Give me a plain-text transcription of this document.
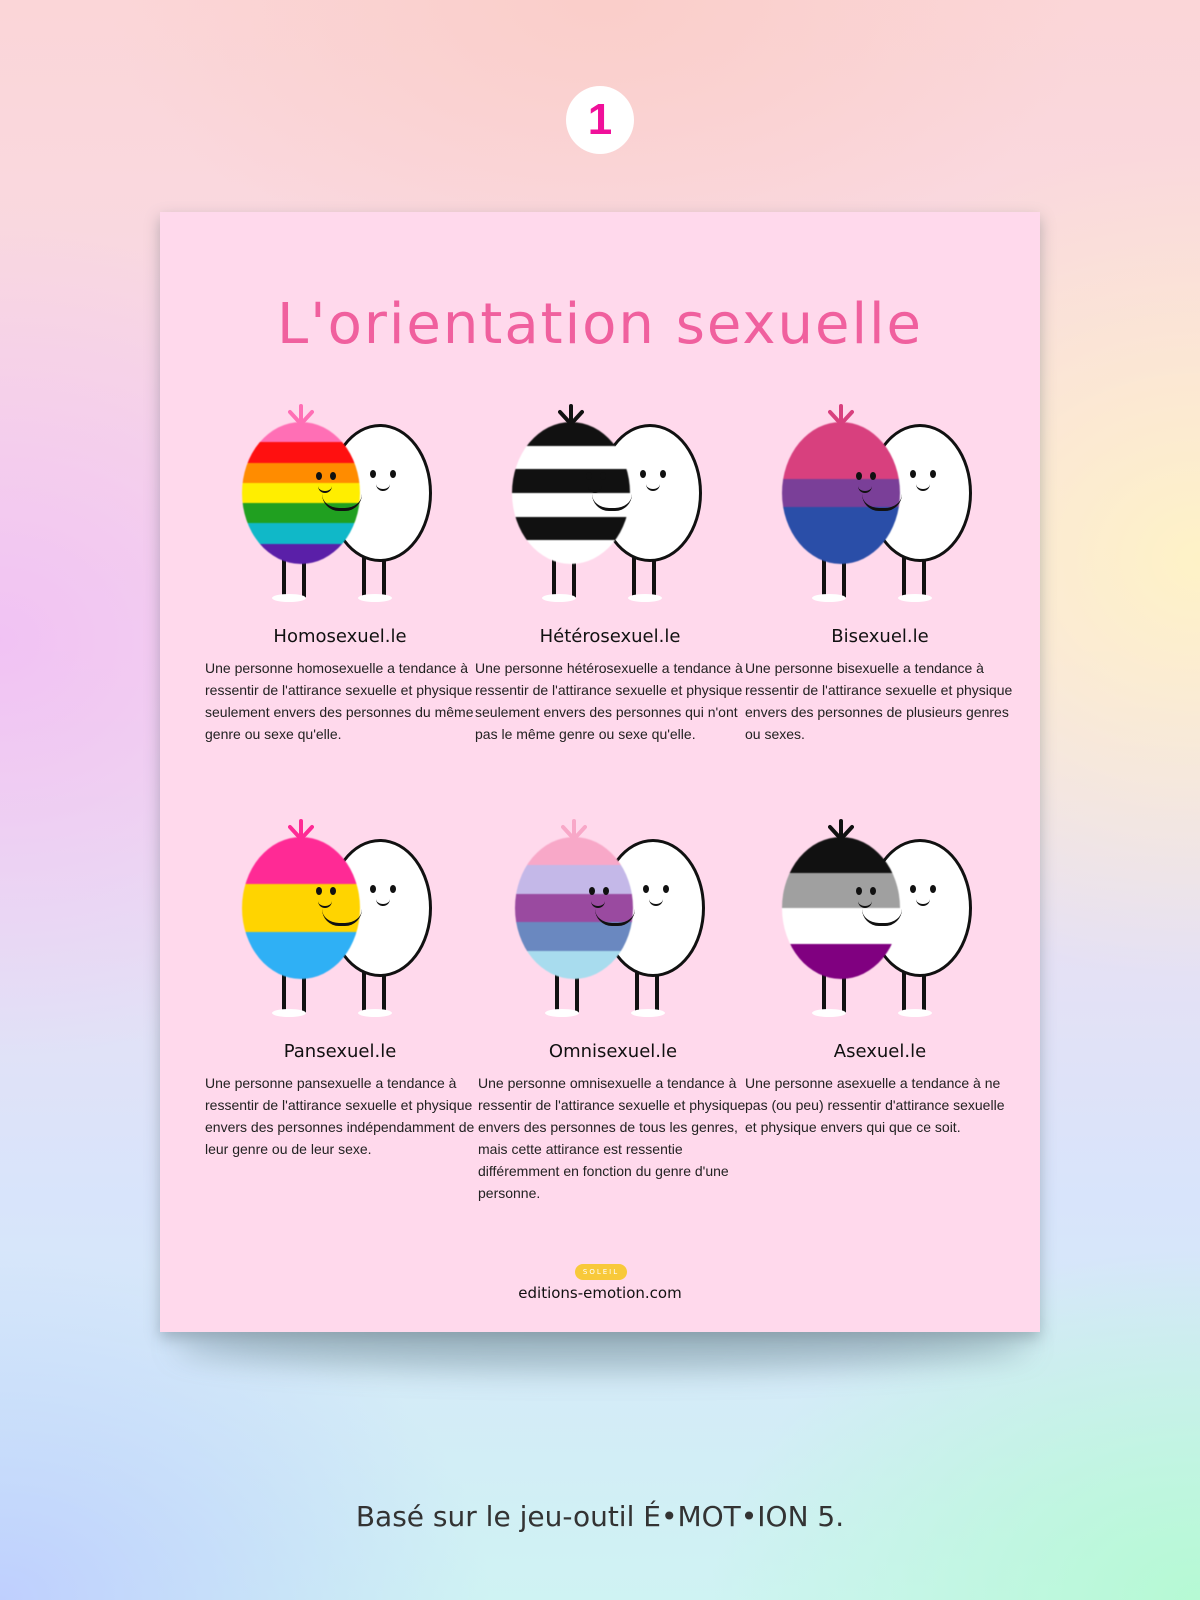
1
L'orientation sexuelle
Homosexuel.le

Une personne homosexuelle a tendance à ressentir de l'attirance sexuelle et physique seulement envers des personnes du même genre ou sexe qu'elle.

Hétérosexuel.le

Une personne hétérosexuelle a tendance à ressentir de l'attirance sexuelle et physique seulement envers des personnes qui n'ont pas le même genre ou sexe qu'elle.

Bisexuel.le

Une personne bisexuelle a tendance à ressentir de l'attirance sexuelle et physique envers des personnes de plusieurs genres ou sexes.

Pansexuel.le

Une personne pansexuelle a tendance à ressentir de l'attirance sexuelle et physique envers des personnes indépendamment de leur genre ou de leur sexe.

Omnisexuel.le

Une personne omnisexuelle a tendance à ressentir de l'attirance sexuelle et physique envers des personnes de tous les genres, mais cette attirance est ressentie différemment en fonction du genre d'une personne.

Asexuel.le

Une personne asexuelle a tendance à ne pas (ou peu) ressentir d'attirance sexuelle et physique envers qui que ce soit.

SOLEIL
editions-emotion.com
Basé sur le jeu-outil É•MOT•ION 5.
